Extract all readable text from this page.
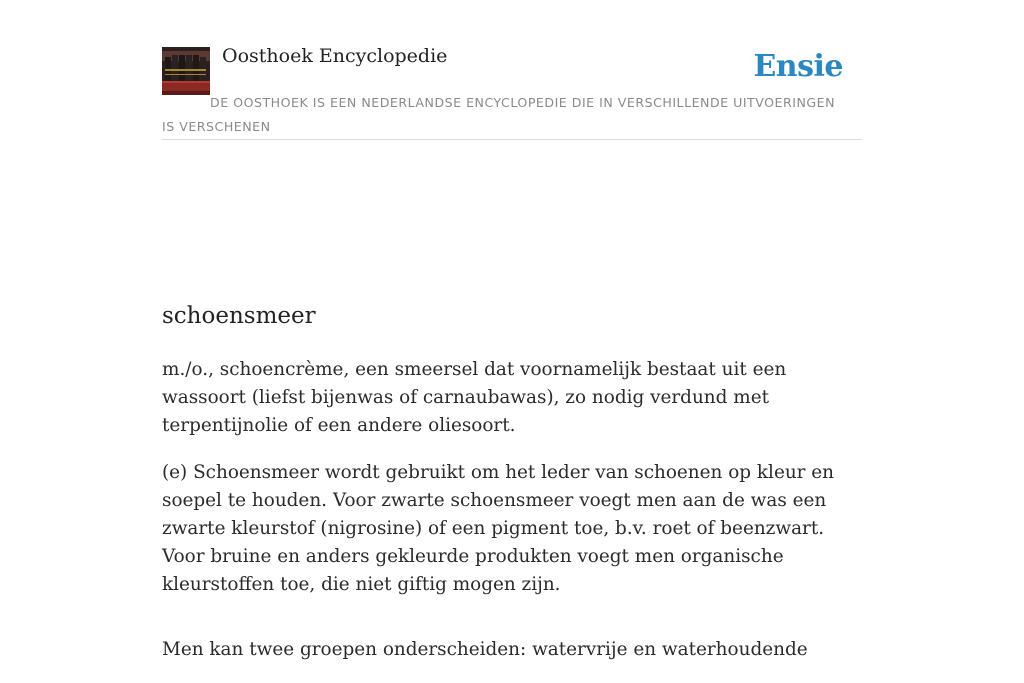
Oosthoek Encyclopedie	Ensie
DE OOSTHOEK IS EEN NEDERLANDSE ENCYCLOPEDIE DIE IN VERSCHILLENDE UITVOERINGEN IS VERSCHENEN
schoensmeer

m./o., schoencrème, een smeersel dat voornamelijk bestaat uit een wassoort (liefst bijenwas of carnaubawas), zo nodig verdund met terpentijnolie of een andere oliesoort.

(e) Schoensmeer wordt gebruikt om het leder van schoenen op kleur en soepel te houden. Voor zwarte schoensmeer voegt men aan de was een zwarte kleurstof (nigrosine) of een pigment toe, b.v. roet of beenzwart. Voor bruine en anders gekleurde produkten voegt men organische kleurstoffen toe, die niet giftig mogen zijn.

Men kan twee groepen onderscheiden: watervrije en waterhoudende
